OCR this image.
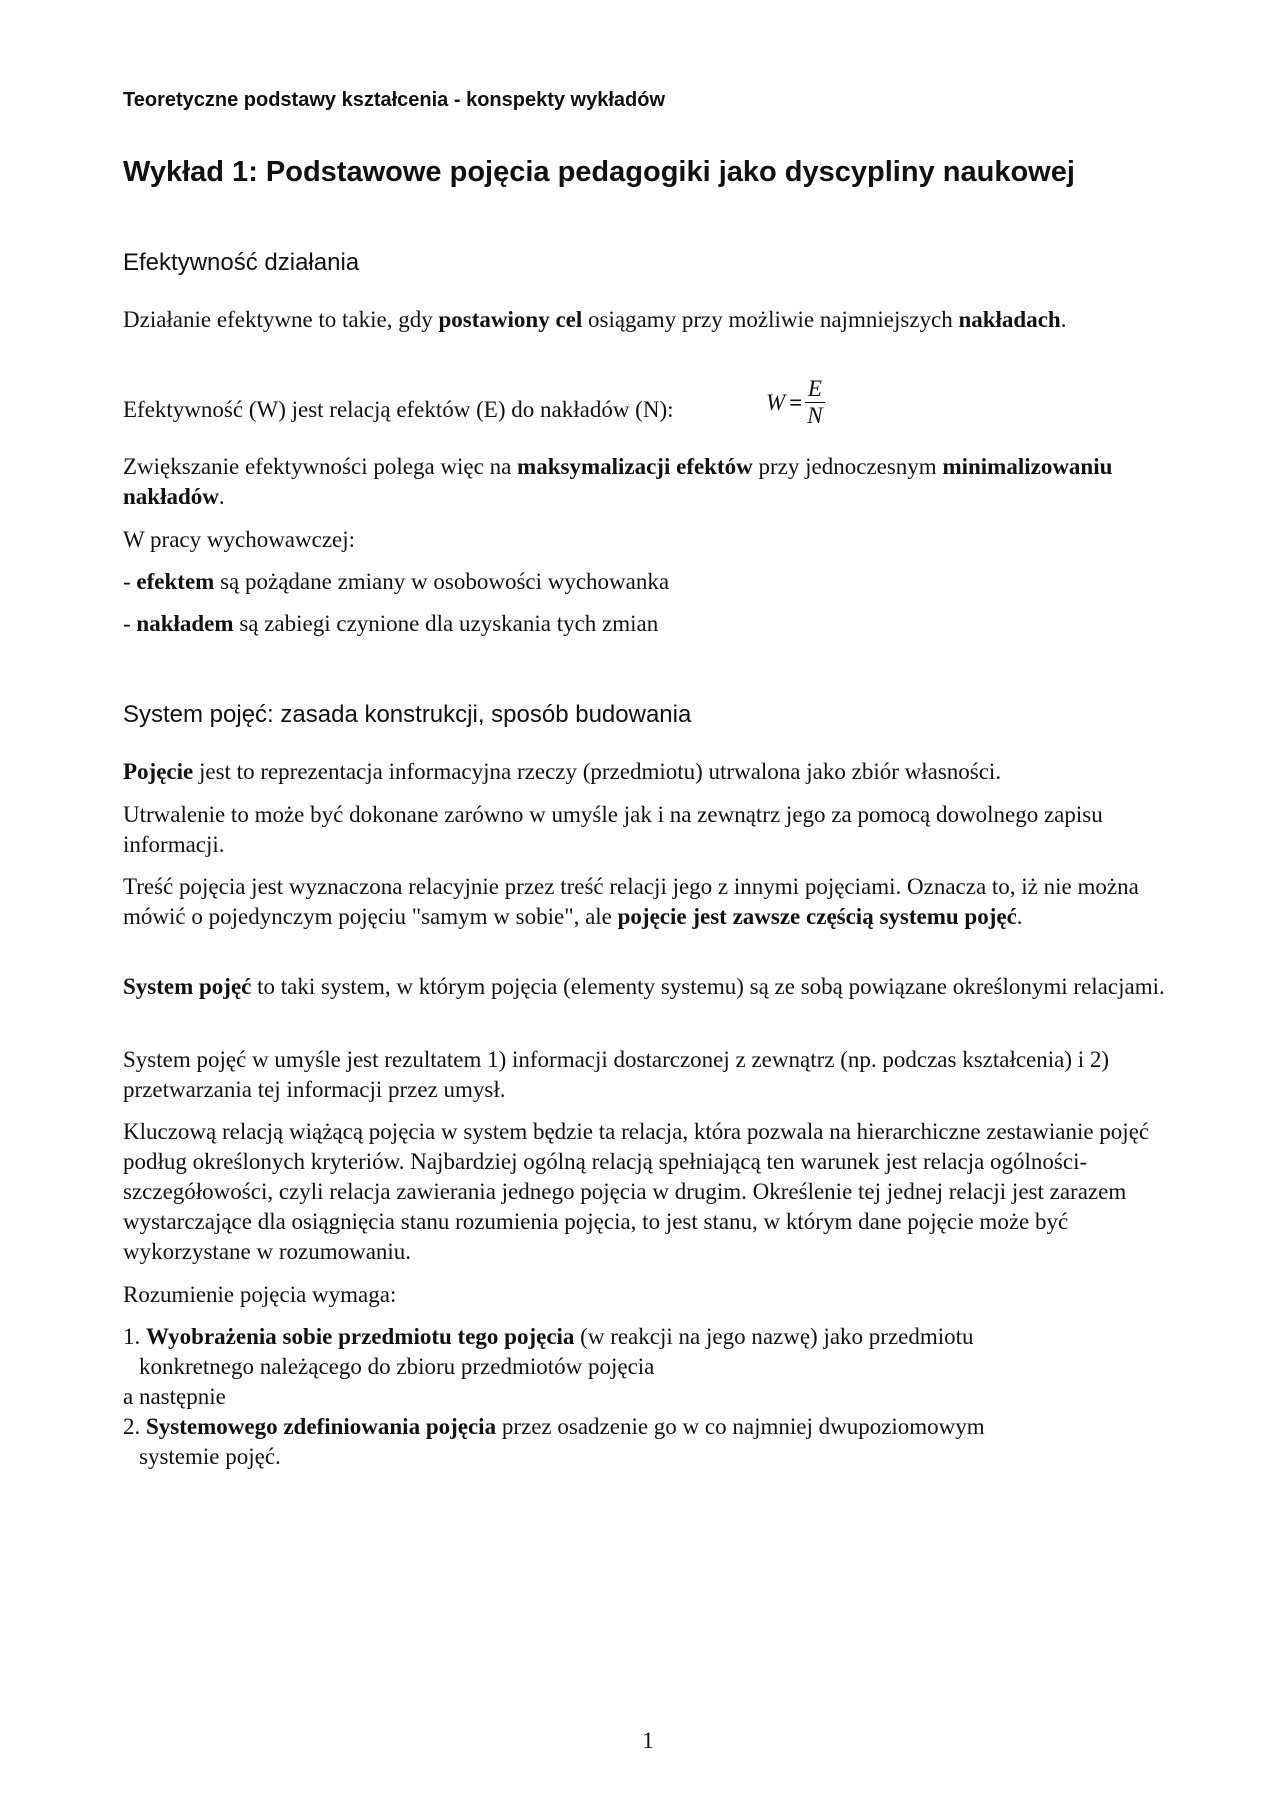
Teoretyczne podstawy kształcenia - konspekty wykładów
Wykład 1: Podstawowe pojęcia pedagogiki jako dyscypliny naukowej
Efektywność działania

Działanie efektywne to takie, gdy postawiony cel osiągamy przy możliwie najmniejszych nakładach.

Efektywność (W) jest relacją efektów (E) do nakładów (N):	$W = \frac{E}{N}$

Zwiększanie efektywności polega więc na maksymalizacji efektów przy jednoczesnym minimalizowaniu nakładów.

W pracy wychowawczej:

- efektem są pożądane zmiany w osobowości wychowanka

- nakładem są zabiegi czynione dla uzyskania tych zmian

System pojęć: zasada konstrukcji, sposób budowania

Pojęcie jest to reprezentacja informacyjna rzeczy (przedmiotu) utrwalona jako zbiór własności.

Utrwalenie to może być dokonane zarówno w umyśle jak i na zewnątrz jego za pomocą dowolnego zapisu informacji.

Treść pojęcia jest wyznaczona relacyjnie przez treść relacji jego z innymi pojęciami. Oznacza to, iż nie można mówić o pojedynczym pojęciu "samym w sobie", ale pojęcie jest zawsze częścią systemu pojęć.

System pojęć to taki system, w którym pojęcia (elementy systemu) są ze sobą powiązane określonymi relacjami.

System pojęć w umyśle jest rezultatem 1) informacji dostarczonej z zewnątrz (np. podczas kształcenia) i 2) przetwarzania tej informacji przez umysł.

Kluczową relacją wiążącą pojęcia w system będzie ta relacja, która pozwala na hierarchiczne zestawianie pojęć podług określonych kryteriów. Najbardziej ogólną relacją spełniającą ten warunek jest relacja ogólności-szczegółowości, czyli relacja zawierania jednego pojęcia w drugim. Określenie tej jednej relacji jest zarazem wystarczające dla osiągnięcia stanu rozumienia pojęcia, to jest stanu, w którym dane pojęcie może być wykorzystane w rozumowaniu.

Rozumienie pojęcia wymaga:

1. Wyobrażenia sobie przedmiotu tego pojęcia (w reakcji na jego nazwę) jako przedmiotu
konkretnego należącego do zbioru przedmiotów pojęcia

a następnie

2. Systemowego zdefiniowania pojęcia przez osadzenie go w co najmniej dwupoziomowym
systemie pojęć.

1
